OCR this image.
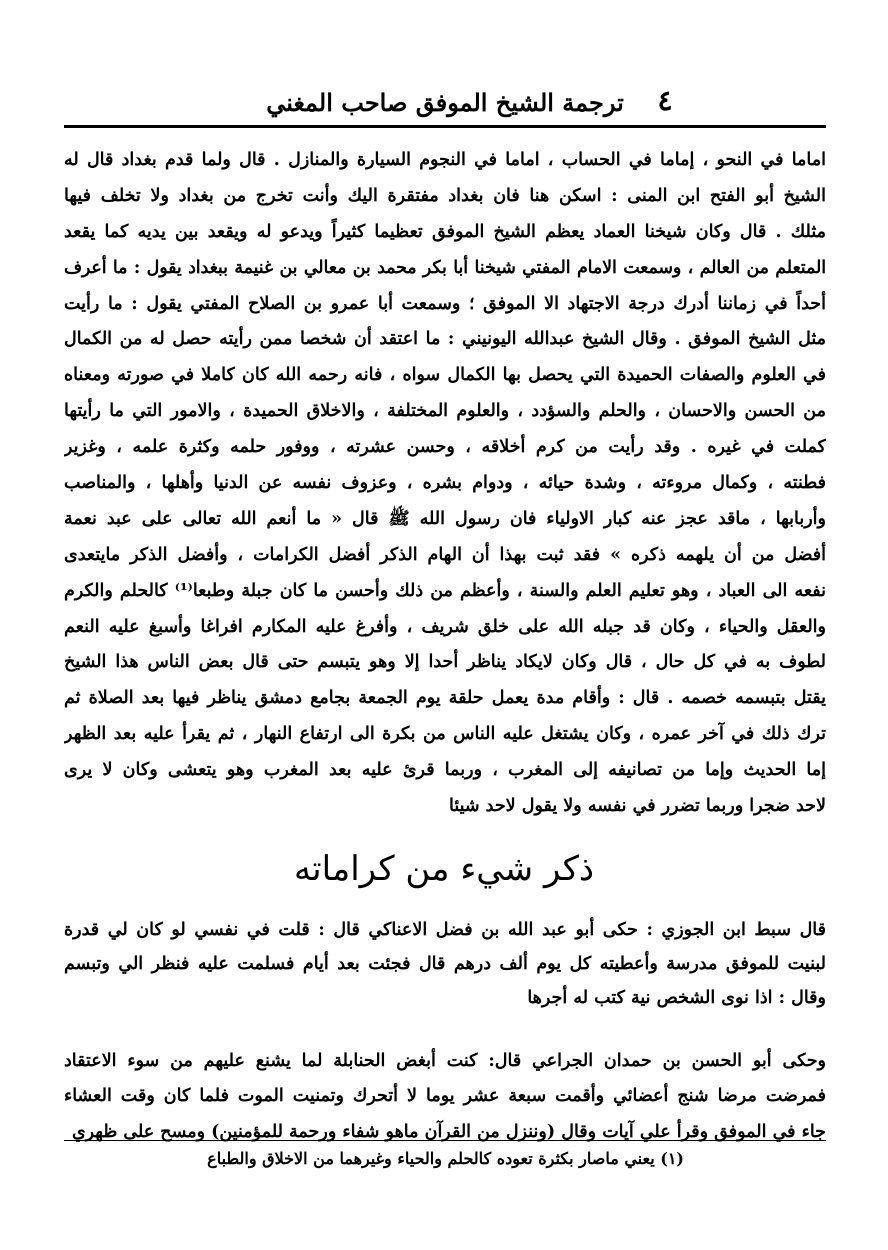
٤
ترجمة الشيخ الموفق صاحب المغني
اماما في النحو ، إماما في الحساب ، اماما في النجوم السيارة والمنازل . قال ولما قدم بغداد قال له
الشيخ أبو الفتح ابن المنى : اسكن هنا فان بغداد مفتقرة اليك وأنت تخرج من بغداد ولا تخلف فيها
مثلك . قال وكان شيخنا العماد يعظم الشيخ الموفق تعظيما كثيراً ويدعو له ويقعد بين يديه كما يقعد
المتعلم من العالم ، وسمعت الامام المفتي شيخنا أبا بكر محمد بن معالي بن غنيمة ببغداد يقول : ما أعرف
أحداً في زماننا أدرك درجة الاجتهاد الا الموفق ؛ وسمعت أبا عمرو بن الصلاح المفتي يقول : ما رأيت
مثل الشيخ الموفق . وقال الشيخ عبدالله اليونيني : ما اعتقد أن شخصا ممن رأيته حصل له من الكمال
في العلوم والصفات الحميدة التي يحصل بها الكمال سواه ، فانه رحمه الله كان كاملا في صورته ومعناه
من الحسن والاحسان ، والحلم والسؤدد ، والعلوم المختلفة ، والاخلاق الحميدة ، والامور التي ما رأيتها
كملت في غيره . وقد رأيت من كرم أخلاقه ، وحسن عشرته ، ووفور حلمه وكثرة علمه ، وغزير
فطنته ، وكمال مروءته ، وشدة حيائه ، ودوام بشره ، وعزوف نفسه عن الدنيا وأهلها ، والمناصب
وأربابها ، ماقد عجز عنه كبار الاولياء فان رسول الله ﷺ قال « ما أنعم الله تعالى على عبد نعمة
أفضل من أن يلهمه ذكره » فقد ثبت بهذا أن الهام الذكر أفضل الكرامات ، وأفضل الذكر مايتعدى
نفعه الى العباد ، وهو تعليم العلم والسنة ، وأعظم من ذلك وأحسن ما كان جبلة وطبعا⁽¹⁾ كالحلم والكرم
والعقل والحياء ، وكان قد جبله الله على خلق شريف ، وأفرغ عليه المكارم افراغا وأسبغ عليه النعم
لطوف به في كل حال ، قال وكان لايكاد يناظر أحدا إلا وهو يتبسم حتى قال بعض الناس هذا الشيخ
يقتل بتبسمه خصمه . قال : وأقام مدة يعمل حلقة يوم الجمعة بجامع دمشق يناظر فيها بعد الصلاة ثم
ترك ذلك في آخر عمره ، وكان يشتغل عليه الناس من بكرة الى ارتفاع النهار ، ثم يقرأ عليه بعد الظهر
إما الحديث وإما من تصانيفه إلى المغرب ، وربما قرئ عليه بعد المغرب وهو يتعشى وكان لا يرى
لاحد ضجرا وربما تضرر في نفسه ولا يقول لاحد شيئا
ذكر شيء من كراماته
قال سبط ابن الجوزي : حكى أبو عبد الله بن فضل الاعناكي قال : قلت في نفسي لو كان لي قدرة
لبنيت للموفق مدرسة وأعطيته كل يوم ألف درهم قال فجئت بعد أيام فسلمت عليه فنظر الي وتبسم
وقال : اذا نوى الشخص نية كتب له أجرها
وحكى أبو الحسن بن حمدان الجراعي قال: كنت أبغض الحنابلة لما يشنع عليهم من سوء الاعتقاد
فمرضت مرضا شنج أعضائي وأقمت سبعة عشر يوما لا أتحرك وتمنيت الموت فلما كان وقت العشاء
جاء في الموفق وقرأ علي آيات وقال (وننزل من القرآن ماهو شفاء ورحمة للمؤمنين) ومسح على ظهري
(١) يعني ماصار بكثرة تعوده كالحلم والحياء وغيرهما من الاخلاق والطباع
